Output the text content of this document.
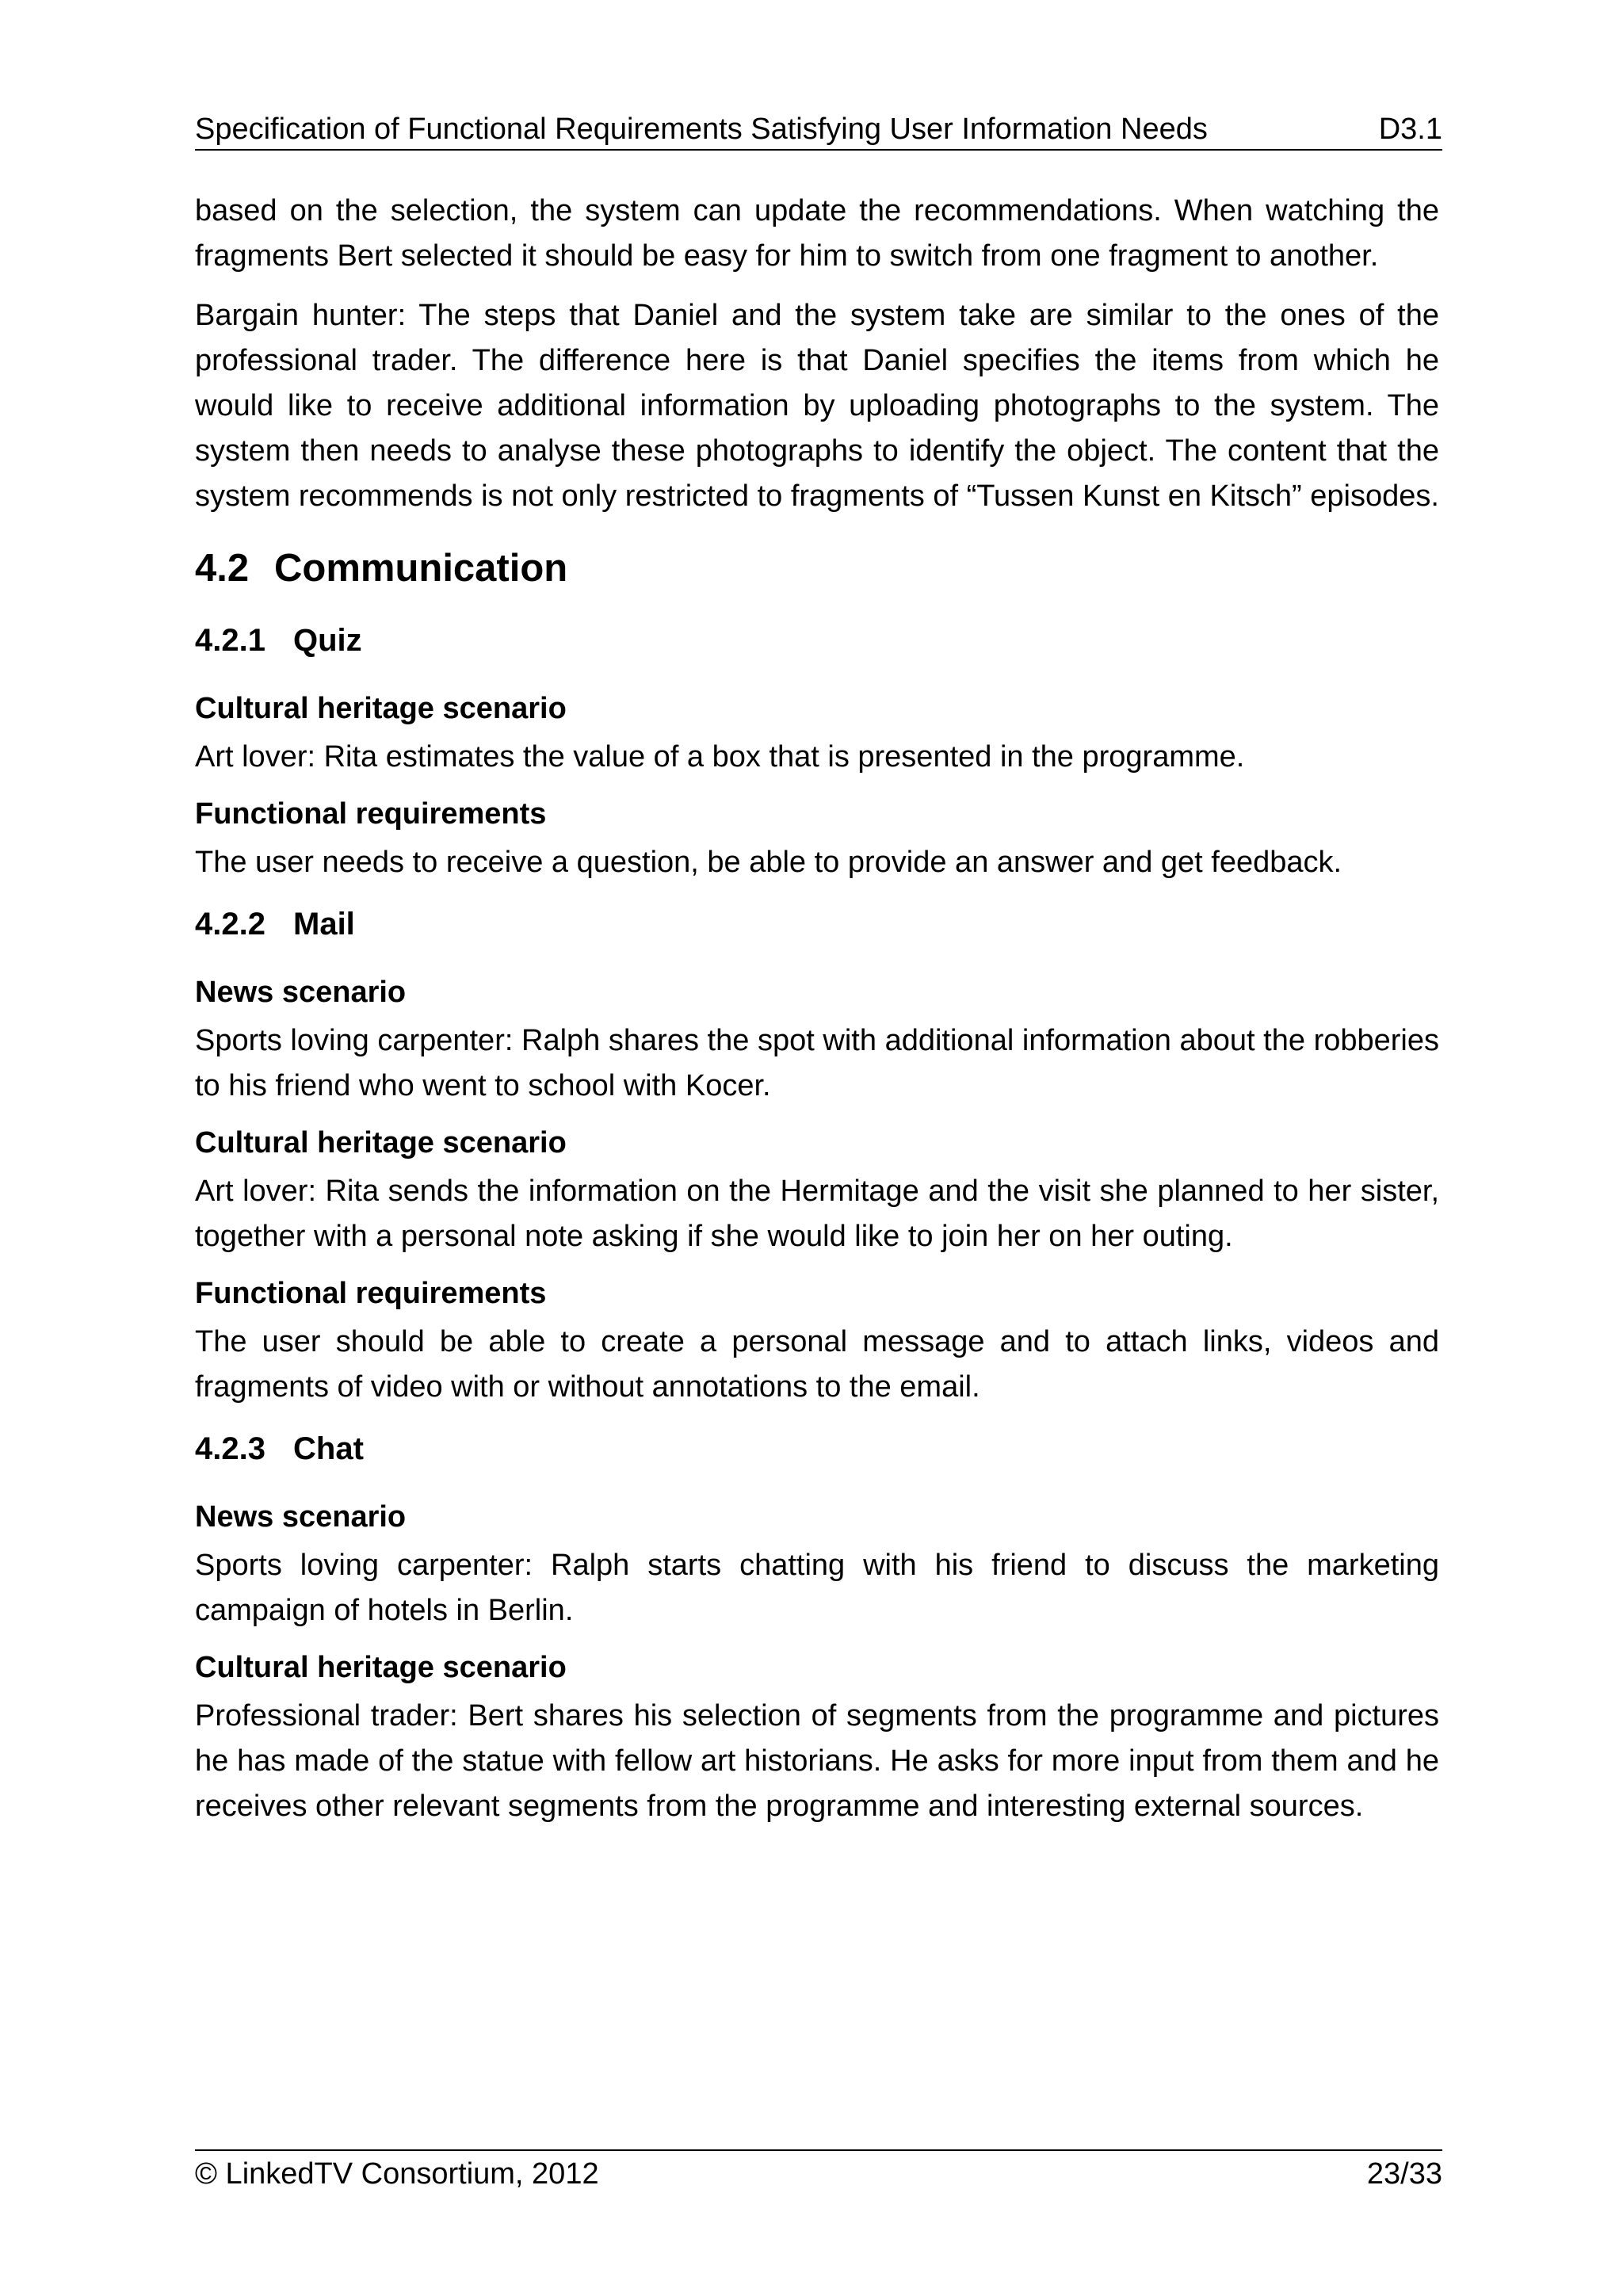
Specification of Functional Requirements Satisfying User Information Needs	D3.1

based on the selection, the system can update the recommendations. When watching the fragments Bert selected it should be easy for him to switch from one fragment to another.

Bargain hunter: The steps that Daniel and the system take are similar to the ones of the professional trader. The difference here is that Daniel specifies the items from which he would like to receive additional information by uploading photographs to the system. The system then needs to analyse these photographs to identify the object. The content that the system recommends is not only restricted to fragments of “Tussen Kunst en Kitsch” episodes.

4.2 Communication
4.2.1 Quiz
Cultural heritage scenario

Art lover: Rita estimates the value of a box that is presented in the programme.

Functional requirements

The user needs to receive a question, be able to provide an answer and get feedback.

4.2.2 Mail
News scenario

Sports loving carpenter: Ralph shares the spot with additional information about the robberies to his friend who went to school with Kocer.

Cultural heritage scenario

Art lover: Rita sends the information on the Hermitage and the visit she planned to her sister, together with a personal note asking if she would like to join her on her outing.

Functional requirements

The user should be able to create a personal message and to attach links, videos and fragments of video with or without annotations to the email.

4.2.3 Chat
News scenario

Sports loving carpenter: Ralph starts chatting with his friend to discuss the marketing campaign of hotels in Berlin.

Cultural heritage scenario

Professional trader: Bert shares his selection of segments from the programme and pictures he has made of the statue with fellow art historians. He asks for more input from them and he receives other relevant segments from the programme and interesting external sources.

© LinkedTV Consortium, 2012	23/33
